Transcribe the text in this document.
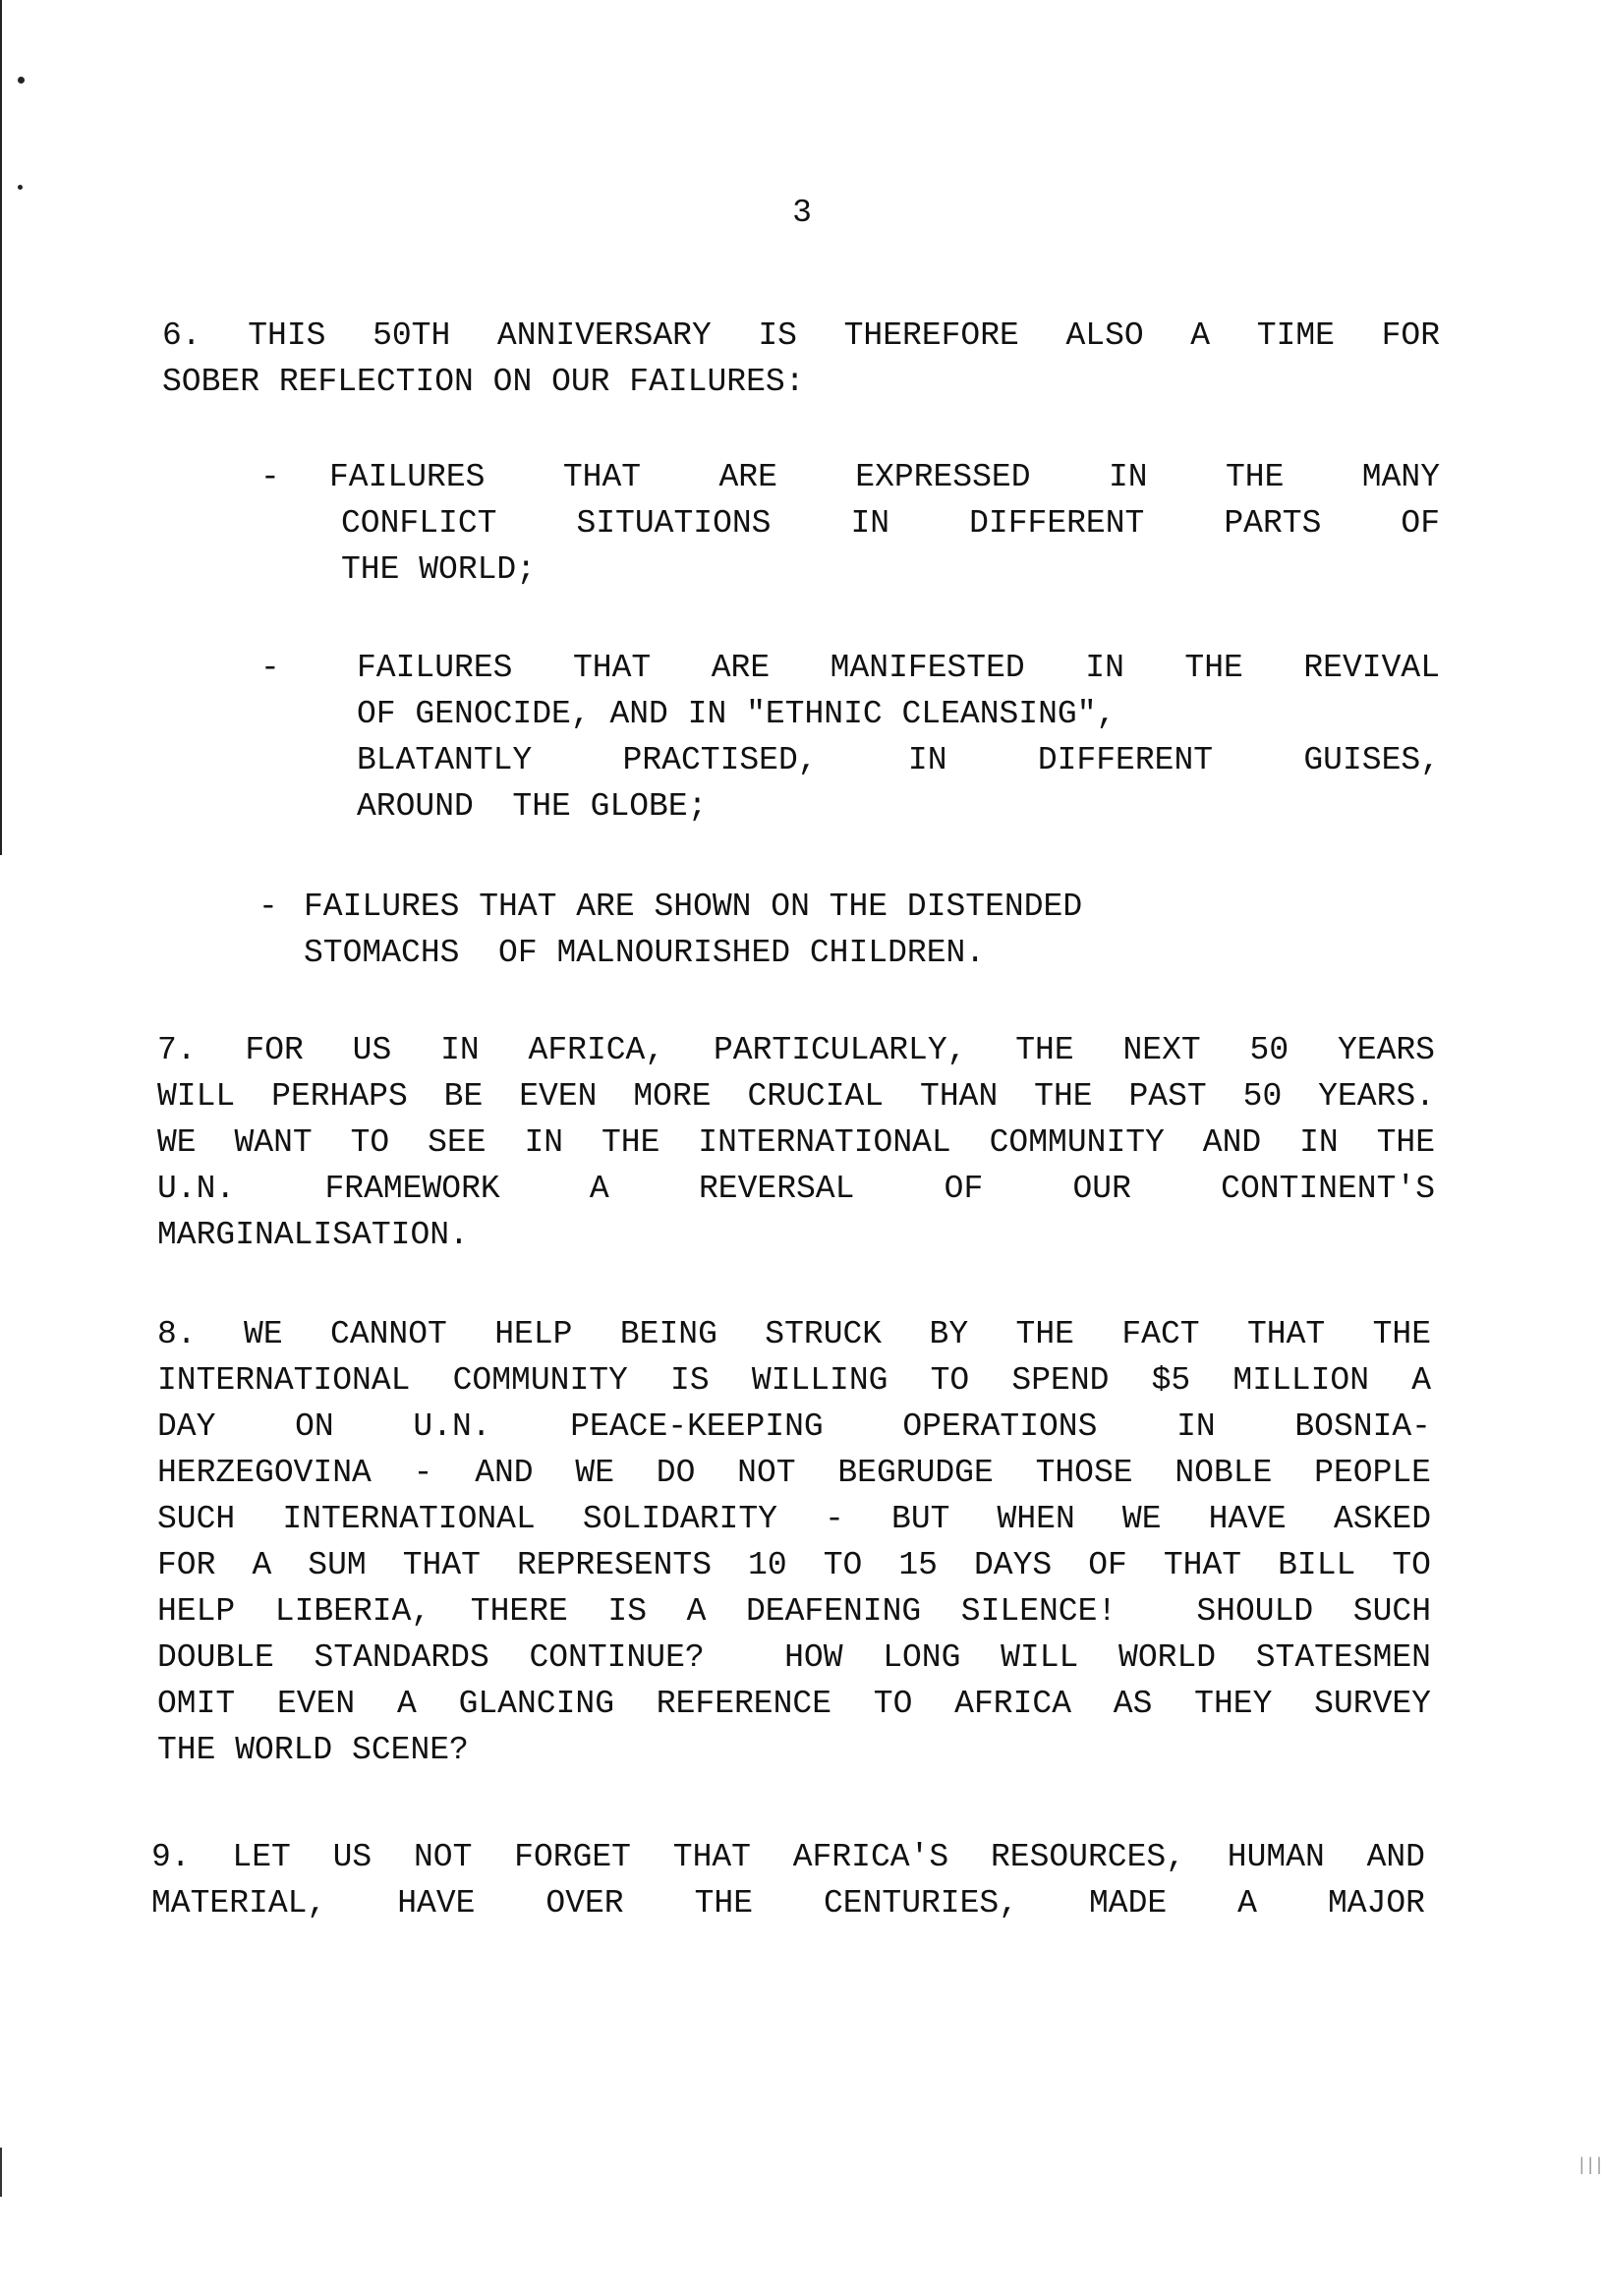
|||
3
6. THIS 50TH ANNIVERSARY IS THEREFORE ALSO A TIME FOR
SOBER REFLECTION ON OUR FAILURES:
- FAILURES THAT ARE EXPRESSED IN THE MANY
CONFLICT SITUATIONS IN DIFFERENT PARTS OF
THE WORLD;
- FAILURES THAT ARE MANIFESTED IN THE REVIVAL
OF GENOCIDE, AND IN "ETHNIC CLEANSING",
BLATANTLY PRACTISED, IN DIFFERENT GUISES,
AROUND  THE GLOBE;
- FAILURES THAT ARE SHOWN ON THE DISTENDED
STOMACHS  OF MALNOURISHED CHILDREN.
7. FOR US IN AFRICA, PARTICULARLY, THE NEXT 50 YEARS
WILL PERHAPS BE EVEN MORE CRUCIAL THAN THE PAST 50 YEARS.
WE WANT TO SEE IN THE INTERNATIONAL COMMUNITY AND IN THE
U.N. FRAMEWORK A REVERSAL OF OUR CONTINENT'S
MARGINALISATION.
8. WE CANNOT HELP BEING STRUCK BY THE FACT THAT THE
INTERNATIONAL COMMUNITY IS WILLING TO SPEND $5 MILLION A
DAY ON U.N. PEACE-KEEPING OPERATIONS IN BOSNIA-
HERZEGOVINA - AND WE DO NOT BEGRUDGE THOSE NOBLE PEOPLE
SUCH INTERNATIONAL SOLIDARITY - BUT WHEN WE HAVE ASKED
FOR A SUM THAT REPRESENTS 10 TO 15 DAYS OF THAT BILL TO
HELP LIBERIA, THERE IS A DEAFENING SILENCE!  SHOULD SUCH
DOUBLE STANDARDS CONTINUE?  HOW LONG WILL WORLD STATESMEN
OMIT EVEN A GLANCING REFERENCE TO AFRICA AS THEY SURVEY
THE WORLD SCENE?
9. LET US NOT FORGET THAT AFRICA'S RESOURCES, HUMAN AND
MATERIAL, HAVE OVER THE CENTURIES, MADE A MAJOR
